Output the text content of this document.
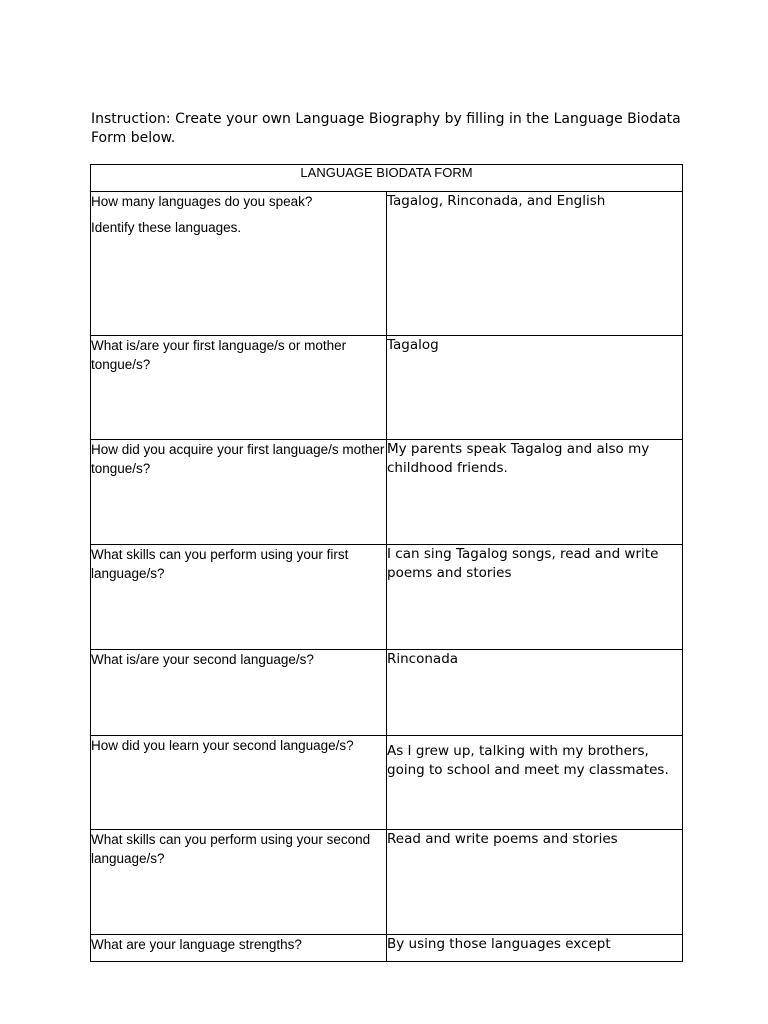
Instruction: Create your own Language Biography by filling in the Language Biodata Form below.
LANGUAGE BIODATA FORM	

How many languages do you speak?
Identify these languages.	Tagalog, Rinconada, and English

What is/are your first language/s or mother tongue/s?	Tagalog

How did you acquire your first language/s mother tongue/s?	My parents speak Tagalog and also my childhood friends.

What skills can you perform using your first language/s?	I can sing Tagalog songs, read and write poems and stories

What is/are your second language/s?	Rinconada

How did you learn your second language/s?	As I grew up, talking with my brothers, going to school and meet my classmates.

What skills can you perform using your second language/s?	Read and write poems and stories

What are your language strengths?	By using those languages except
